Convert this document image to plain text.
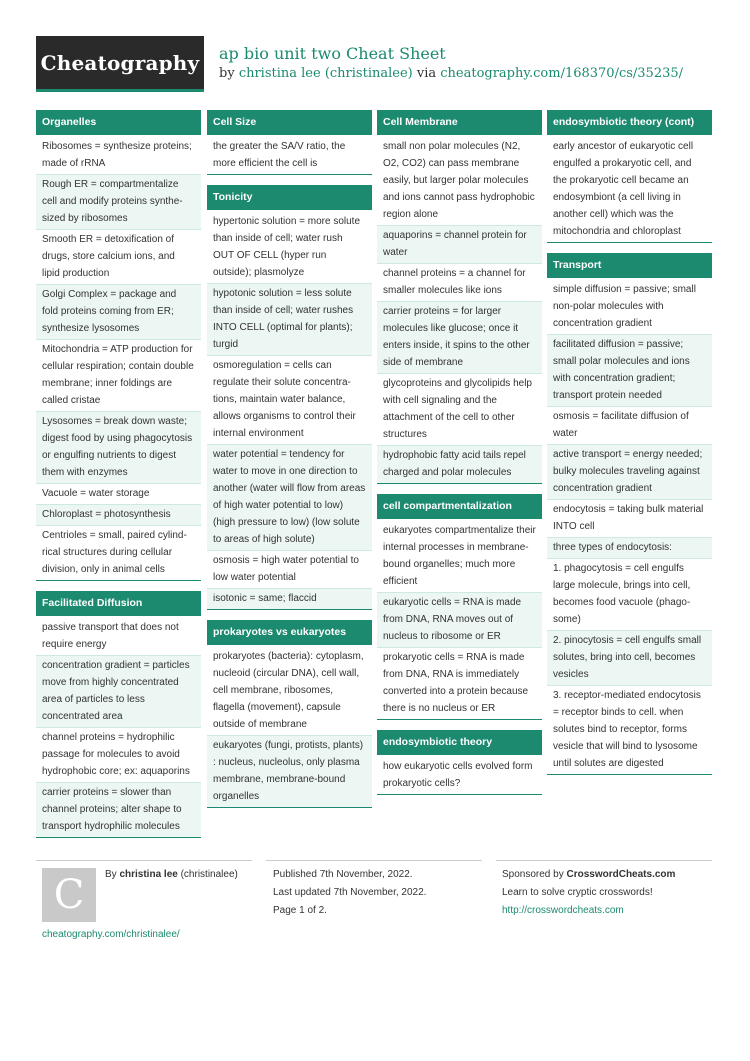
Cheatography ap bio unit two Cheat Sheet
by christina lee (christinalee) via cheatography.com/168370/cs/35235/
Organelles
Ribosomes = synthesize proteins; made of rRNA
Rough ER = compartmentalize cell and modify proteins synthesized by ribosomes
Smooth ER = detoxification of drugs, store calcium ions, and lipid production
Golgi Complex = package and fold proteins coming from ER; synthesize lysosomes
Mitochondria = ATP production for cellular respiration; contain double membrane; inner foldings are called cristae
Lysosomes = break down waste; digest food by using phagocytosis or engulfing nutrients to digest them with enzymes
Vacuole = water storage
Chloroplast = photosynthesis
Centrioles = small, paired cylindrical structures during cellular division, only in animal cells
Facilitated Diffusion
passive transport that does not require energy
concentration gradient = particles move from highly concentrated area of particles to less concentrated area
channel proteins = hydrophilic passage for molecules to avoid hydrophobic core; ex: aquaporins
carrier proteins = slower than channel proteins; alter shape to transport hydrophilic molecules
Cell Size
the greater the SA/V ratio, the more efficient the cell is
Tonicity
hypertonic solution = more solute than inside of cell; water rush OUT OF CELL (hyper run outside); plasmolyze
hypotonic solution = less solute than inside of cell; water rushes INTO CELL (optimal for plants); turgid
osmoregulation = cells can regulate their solute concentrations, maintain water balance, allows organisms to control their internal environment
water potential = tendency for water to move in one direction to another (water will flow from areas of high water potential to low) (high pressure to low) (low solute to areas of high solute)
osmosis = high water potential to low water potential
isotonic = same; flaccid
prokaryotes vs eukaryotes
prokaryotes (bacteria): cytoplasm, nucleoid (circular DNA), cell wall, cell membrane, ribosomes, flagella (movement), capsule outside of membrane
eukaryotes (fungi, protists, plants) : nucleus, nucleolus, only plasma membrane, membrane-bound organelles
Cell Membrane
small non polar molecules (N2, O2, CO2) can pass membrane easily, but larger polar molecules and ions cannot pass hydrophobic region alone
aquaporins = channel protein for water
channel proteins = a channel for smaller molecules like ions
carrier proteins = for larger molecules like glucose; once it enters inside, it spins to the other side of membrane
glycoproteins and glycolipids help with cell signaling and the attachment of the cell to other structures
hydrophobic fatty acid tails repel charged and polar molecules
cell compartmentalization
eukaryotes compartmentalize their internal processes in membrane-bound organelles; much more efficient
eukaryotic cells = RNA is made from DNA, RNA moves out of nucleus to ribosome or ER
prokaryotic cells = RNA is made from DNA, RNA is immediately converted into a protein because there is no nucleus or ER
endosymbiotic theory
how eukaryotic cells evolved form prokaryotic cells?
endosymbiotic theory (cont)
early ancestor of eukaryotic cell engulfed a prokaryotic cell, and the prokaryotic cell became an endosymbiont (a cell living in another cell) which was the mitochondria and chloroplast
Transport
simple diffusion = passive; small non-polar molecules with concentration gradient
facilitated diffusion = passive; small polar molecules and ions with concentration gradient; transport protein needed
osmosis = facilitate diffusion of water
active transport = energy needed; bulky molecules traveling against concentration gradient
endocytosis = taking bulk material INTO cell
three types of endocytosis:
1. phagocytosis = cell engulfs large molecule, brings into cell, becomes food vacuole (phagosome)
2. pinocytosis = cell engulfs small solutes, bring into cell, becomes vesicles
3. receptor-mediated endocytosis = receptor binds to cell. when solutes bind to receptor, forms vesicle that will bind to lysosome until solutes are digested
C By christina lee (christinalee)
cheatography.com/christinalee/
Published 7th November, 2022.
Last updated 7th November, 2022.
Page 1 of 2.
Sponsored by CrosswordCheats.com
Learn to solve cryptic crosswords!
http://crosswordcheats.com
